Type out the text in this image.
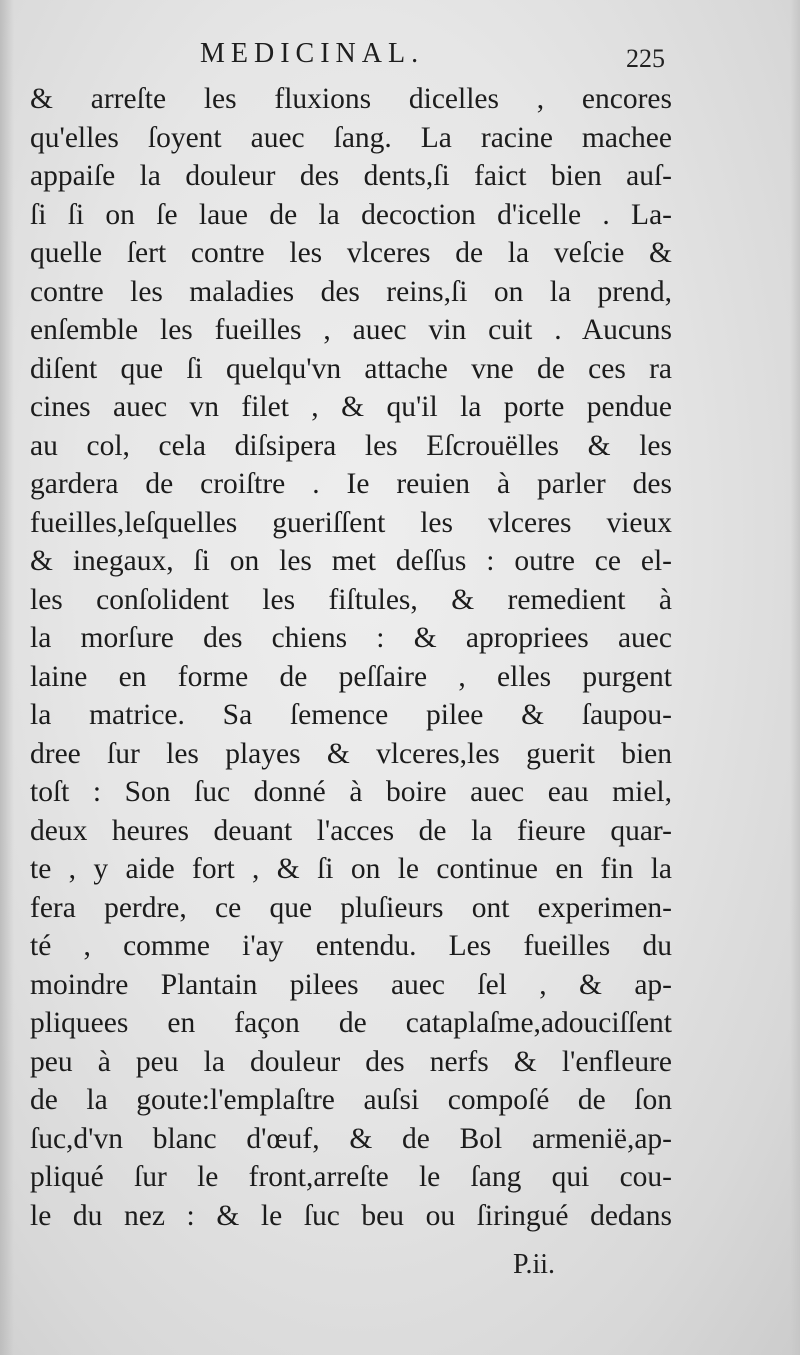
MEDICINAL.	225
& arreſte les fluxions dicelles , encores
qu'elles ſoyent auec ſang. La racine machee
appaiſe la douleur des dents,ſi faict bien auſ-
ſi ſi on ſe laue de la decoction d'icelle . La-
quelle ſert contre les vlceres de la veſcie &
contre les maladies des reins,ſi on la prend,
enſemble les fueilles , auec vin cuit . Aucuns
diſent que ſi quelqu'vn attache vne de ces ra
cines auec vn filet , & qu'il la porte pendue
au col, cela diſsipera les Eſcrouëlles & les
gardera de croiſtre . Ie reuien à parler des
fueilles,leſquelles gueriſſent les vlceres vieux
& inegaux, ſi on les met deſſus : outre ce el-
les conſolident les fiſtules, & remedient à
la morſure des chiens : & apropriees auec
laine en forme de peſſaire , elles purgent
la matrice. Sa ſemence pilee & ſaupou-
dree ſur les playes & vlceres,les guerit bien
toſt : Son ſuc donné à boire auec eau miel,
deux heures deuant l'acces de la fieure quar-
te , y aide fort , & ſi on le continue en fin la
fera perdre, ce que pluſieurs ont experimen-
té , comme i'ay entendu. Les fueilles du
moindre Plantain pilees auec ſel , & ap-
pliquees en façon de cataplaſme,adouciſſent
peu à peu la douleur des nerfs & l'enfleure
de la goute:l'emplaſtre auſsi compoſé de ſon
ſuc,d'vn blanc d'œuf, & de Bol armenië,ap-
pliqué ſur le front,arreſte le ſang qui cou-
le du nez : & le ſuc beu ou ſiringué dedans
P.ii.
